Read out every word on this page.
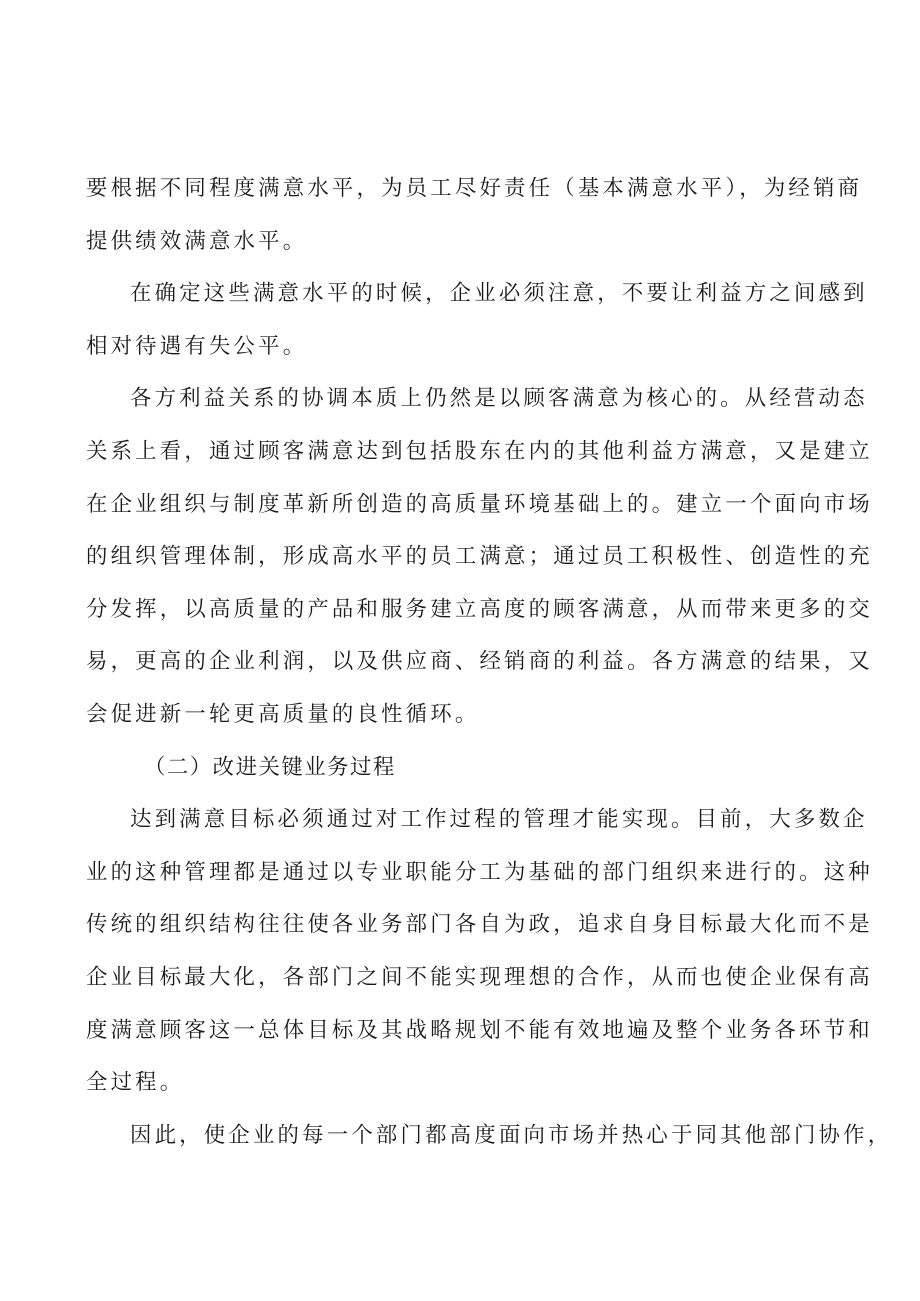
要根据不同程度满意水平，为员工尽好责任（基本满意水平），为经销商
提供绩效满意水平。
在确定这些满意水平的时候，企业必须注意，不要让利益方之间感到
相对待遇有失公平。
各方利益关系的协调本质上仍然是以顾客满意为核心的。从经营动态
关系上看，通过顾客满意达到包括股东在内的其他利益方满意，又是建立
在企业组织与制度革新所创造的高质量环境基础上的。建立一个面向市场
的组织管理体制，形成高水平的员工满意；通过员工积极性、创造性的充
分发挥，以高质量的产品和服务建立高度的顾客满意，从而带来更多的交
易，更高的企业利润，以及供应商、经销商的利益。各方满意的结果，又
会促进新一轮更高质量的良性循环。
（二）改进关键业务过程
达到满意目标必须通过对工作过程的管理才能实现。目前，大多数企
业的这种管理都是通过以专业职能分工为基础的部门组织来进行的。这种
传统的组织结构往往使各业务部门各自为政，追求自身目标最大化而不是
企业目标最大化，各部门之间不能实现理想的合作，从而也使企业保有高
度满意顾客这一总体目标及其战略规划不能有效地遍及整个业务各环节和
全过程。
因此，使企业的每一个部门都高度面向市场并热心于同其他部门协作，
